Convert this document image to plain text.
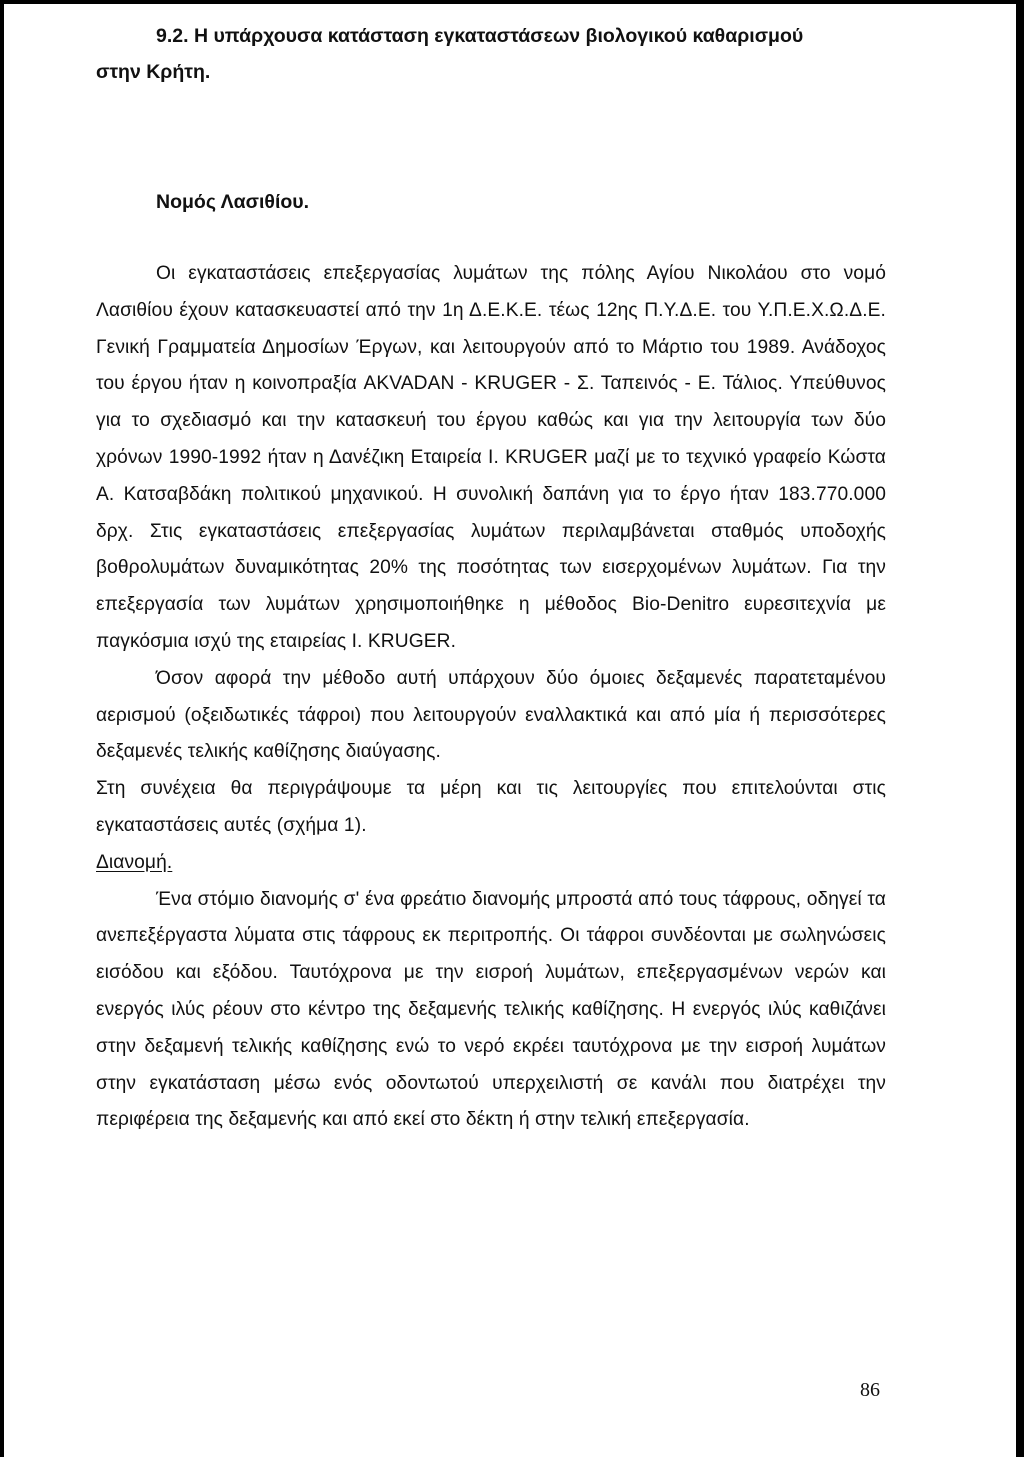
9.2. Η υπάρχουσα κατάσταση εγκαταστάσεων βιολογικού καθαρισμού
στην Κρήτη.
Νομός Λασιθίου.

Οι εγκαταστάσεις επεξεργασίας λυμάτων της πόλης Αγίου Νικολάου στο νομό Λασιθίου έχουν κατασκευαστεί από την 1η Δ.Ε.Κ.Ε. τέως 12ης Π.Υ.Δ.Ε. του Υ.Π.Ε.Χ.Ω.Δ.Ε. Γενική Γραμματεία Δημοσίων Έργων, και λειτουργούν από το Μάρτιο του 1989. Ανάδοχος του έργου ήταν η κοινοπραξία AKVADAN - KRUGER - Σ. Ταπεινός - Ε. Τάλιος. Υπεύθυνος για το σχεδιασμό και την κατασκευή του έργου καθώς και για την λειτουργία των δύο χρόνων 1990-1992 ήταν η Δανέζικη Εταιρεία I. KRUGER μαζί με το τεχνικό γραφείο Κώστα Α. Κατσαβδάκη πολιτικού μηχανικού. Η συνολική δαπάνη για το έργο ήταν 183.770.000 δρχ. Στις εγκαταστάσεις επεξεργασίας λυμάτων περιλαμβάνεται σταθμός υποδοχής βοθρολυμάτων δυναμικότητας 20% της ποσότητας των εισερχομένων λυμάτων. Για την επεξεργασία των λυμάτων χρησιμοποιήθηκε η μέθοδος Bio-Denitro ευρεσιτεχνία με παγκόσμια ισχύ της εταιρείας I. KRUGER.

Όσον αφορά την μέθοδο αυτή υπάρχουν δύο όμοιες δεξαμενές παρατεταμένου αερισμού (οξειδωτικές τάφροι) που λειτουργούν εναλλακτικά και από μία ή περισσότερες δεξαμενές τελικής καθίζησης διαύγασης.

Στη συνέχεια θα περιγράψουμε τα μέρη και τις λειτουργίες που επιτελούνται στις εγκαταστάσεις αυτές (σχήμα 1).

Διανομή.

Ένα στόμιο διανομής σ' ένα φρεάτιο διανομής μπροστά από τους τάφρους, οδηγεί τα ανεπεξέργαστα λύματα στις τάφρους εκ περιτροπής. Οι τάφροι συνδέονται με σωληνώσεις εισόδου και εξόδου. Ταυτόχρονα με την εισροή λυμάτων, επεξεργασμένων νερών και ενεργός ιλύς ρέουν στο κέντρο της δεξαμενής τελικής καθίζησης. Η ενεργός ιλύς καθιζάνει στην δεξαμενή τελικής καθίζησης ενώ το νερό εκρέει ταυτόχρονα με την εισροή λυμάτων στην εγκατάσταση μέσω ενός οδοντωτού υπερχειλιστή σε κανάλι που διατρέχει την περιφέρεια της δεξαμενής και από εκεί στο δέκτη ή στην τελική επεξεργασία.

86
